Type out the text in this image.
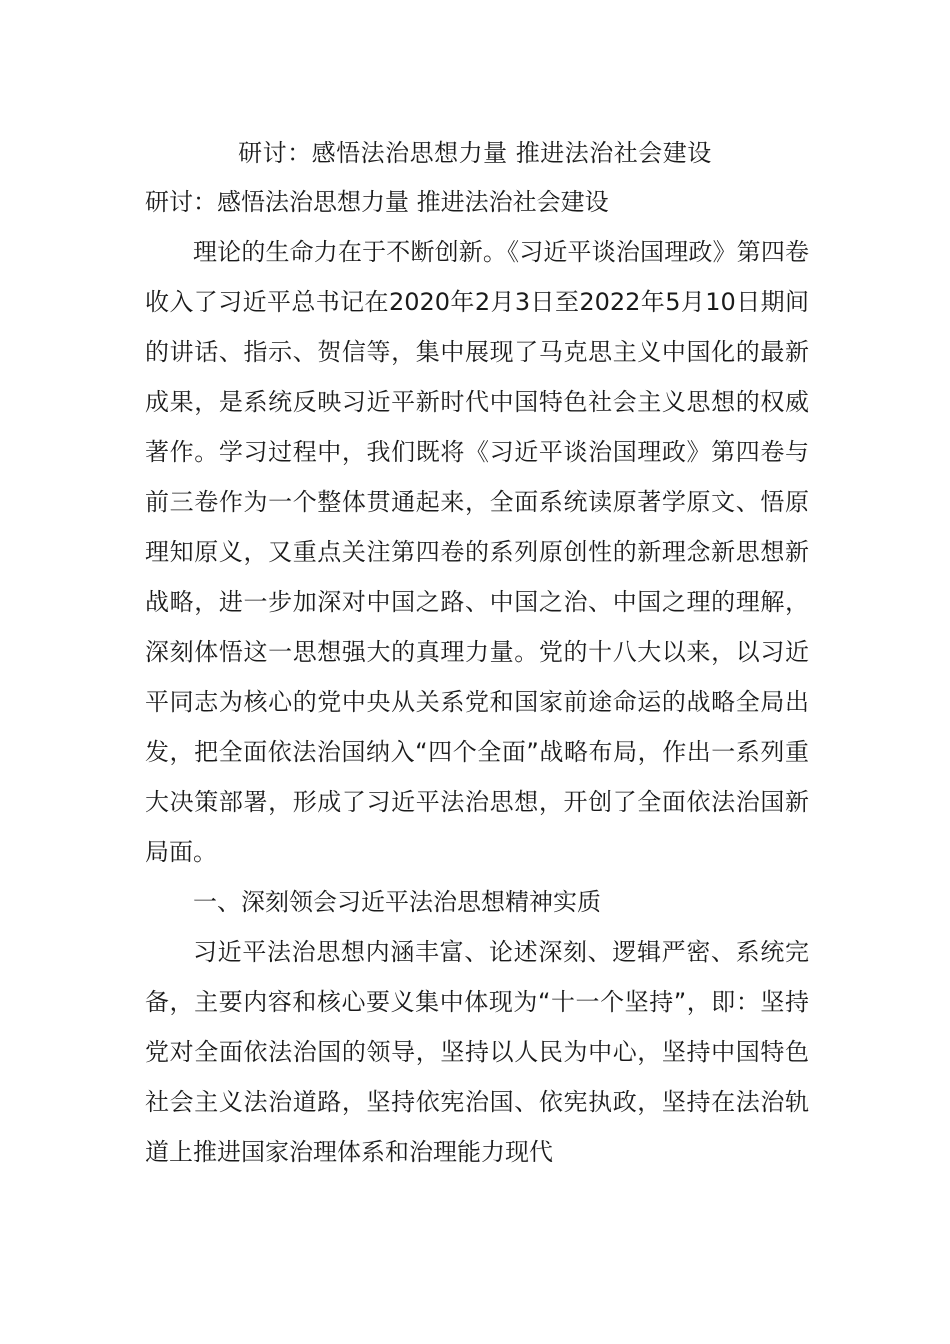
研讨：感悟法治思想力量 推进法治社会建设

研讨：感悟法治思想力量 推进法治社会建设

理论的生命力在于不断创新。《习近平谈治国理政》第四卷收入了习近平总书记在2020年2月3日至2022年5月10日期间的讲话、指示、贺信等，集中展现了马克思主义中国化的最新成果，是系统反映习近平新时代中国特色社会主义思想的权威著作。学习过程中，我们既将《习近平谈治国理政》第四卷与前三卷作为一个整体贯通起来，全面系统读原著学原文、悟原理知原义，又重点关注第四卷的系列原创性的新理念新思想新战略，进一步加深对中国之路、中国之治、中国之理的理解，深刻体悟这一思想强大的真理力量。党的十八大以来，以习近平同志为核心的党中央从关系党和国家前途命运的战略全局出发，把全面依法治国纳入“四个全面”战略布局，作出一系列重大决策部署，形成了习近平法治思想，开创了全面依法治国新局面。

一、深刻领会习近平法治思想精神实质

习近平法治思想内涵丰富、论述深刻、逻辑严密、系统完备，主要内容和核心要义集中体现为“十一个坚持”，即：坚持党对全面依法治国的领导，坚持以人民为中心，坚持中国特色社会主义法治道路，坚持依宪治国、依宪执政，坚持在法治轨道上推进国家治理体系和治理能力现代
